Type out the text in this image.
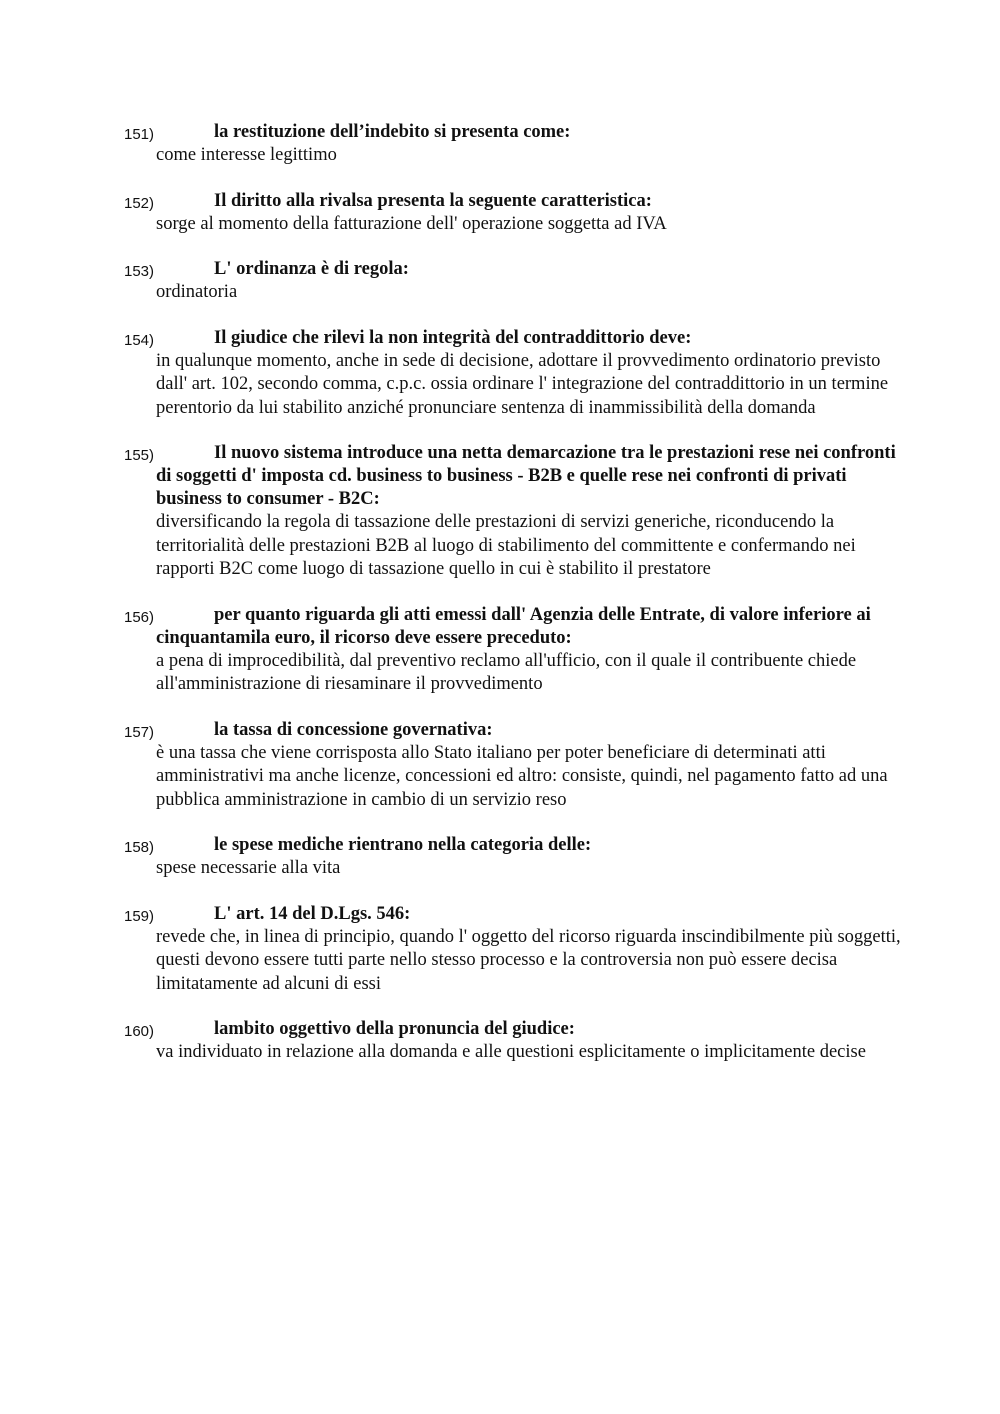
151)	la restituzione dell’indebito si presenta come:
come interesse legittimo
152)	Il diritto alla rivalsa presenta la seguente caratteristica:
sorge al momento della fatturazione dell' operazione soggetta ad IVA
153)	L' ordinanza è di regola:
ordinatoria
154)	Il giudice che rilevi la non integrità del contraddittorio deve:
in qualunque momento, anche in sede di decisione, adottare il provvedimento ordinatorio previsto dall' art. 102, secondo comma, c.p.c. ossia ordinare l' integrazione del contraddittorio in un termine perentorio da lui stabilito anziché pronunciare sentenza di inammissibilità della domanda
155)	Il nuovo sistema introduce una netta demarcazione tra le prestazioni rese nei confronti di soggetti d' imposta cd. business to business - B2B e quelle rese nei confronti di privati business to consumer - B2C:
diversificando la regola di tassazione delle prestazioni di servizi generiche, riconducendo la territorialità delle prestazioni B2B al luogo di stabilimento del committente e confermando nei rapporti B2C come luogo di tassazione quello in cui è stabilito il prestatore
156)	per quanto riguarda gli atti emessi dall' Agenzia delle Entrate, di valore inferiore ai cinquantamila euro, il ricorso deve essere preceduto:
a pena di improcedibilità, dal preventivo reclamo all'ufficio, con il quale il contribuente chiede all'amministrazione di riesaminare il provvedimento
157)	la tassa di concessione governativa:
è una tassa che viene corrisposta allo Stato italiano per poter beneficiare di determinati atti amministrativi ma anche licenze, concessioni ed altro: consiste, quindi, nel pagamento fatto ad una pubblica amministrazione in cambio di un servizio reso
158)	le spese mediche rientrano nella categoria delle:
spese necessarie alla vita
159)	L' art. 14 del D.Lgs. 546:
revede che, in linea di principio, quando l' oggetto del ricorso riguarda inscindibilmente più soggetti, questi devono essere tutti parte nello stesso processo e la controversia non può essere decisa limitatamente ad alcuni di essi
160)	lambito oggettivo della pronuncia del giudice:
va individuato in relazione alla domanda e alle questioni esplicitamente o implicitamente decise
